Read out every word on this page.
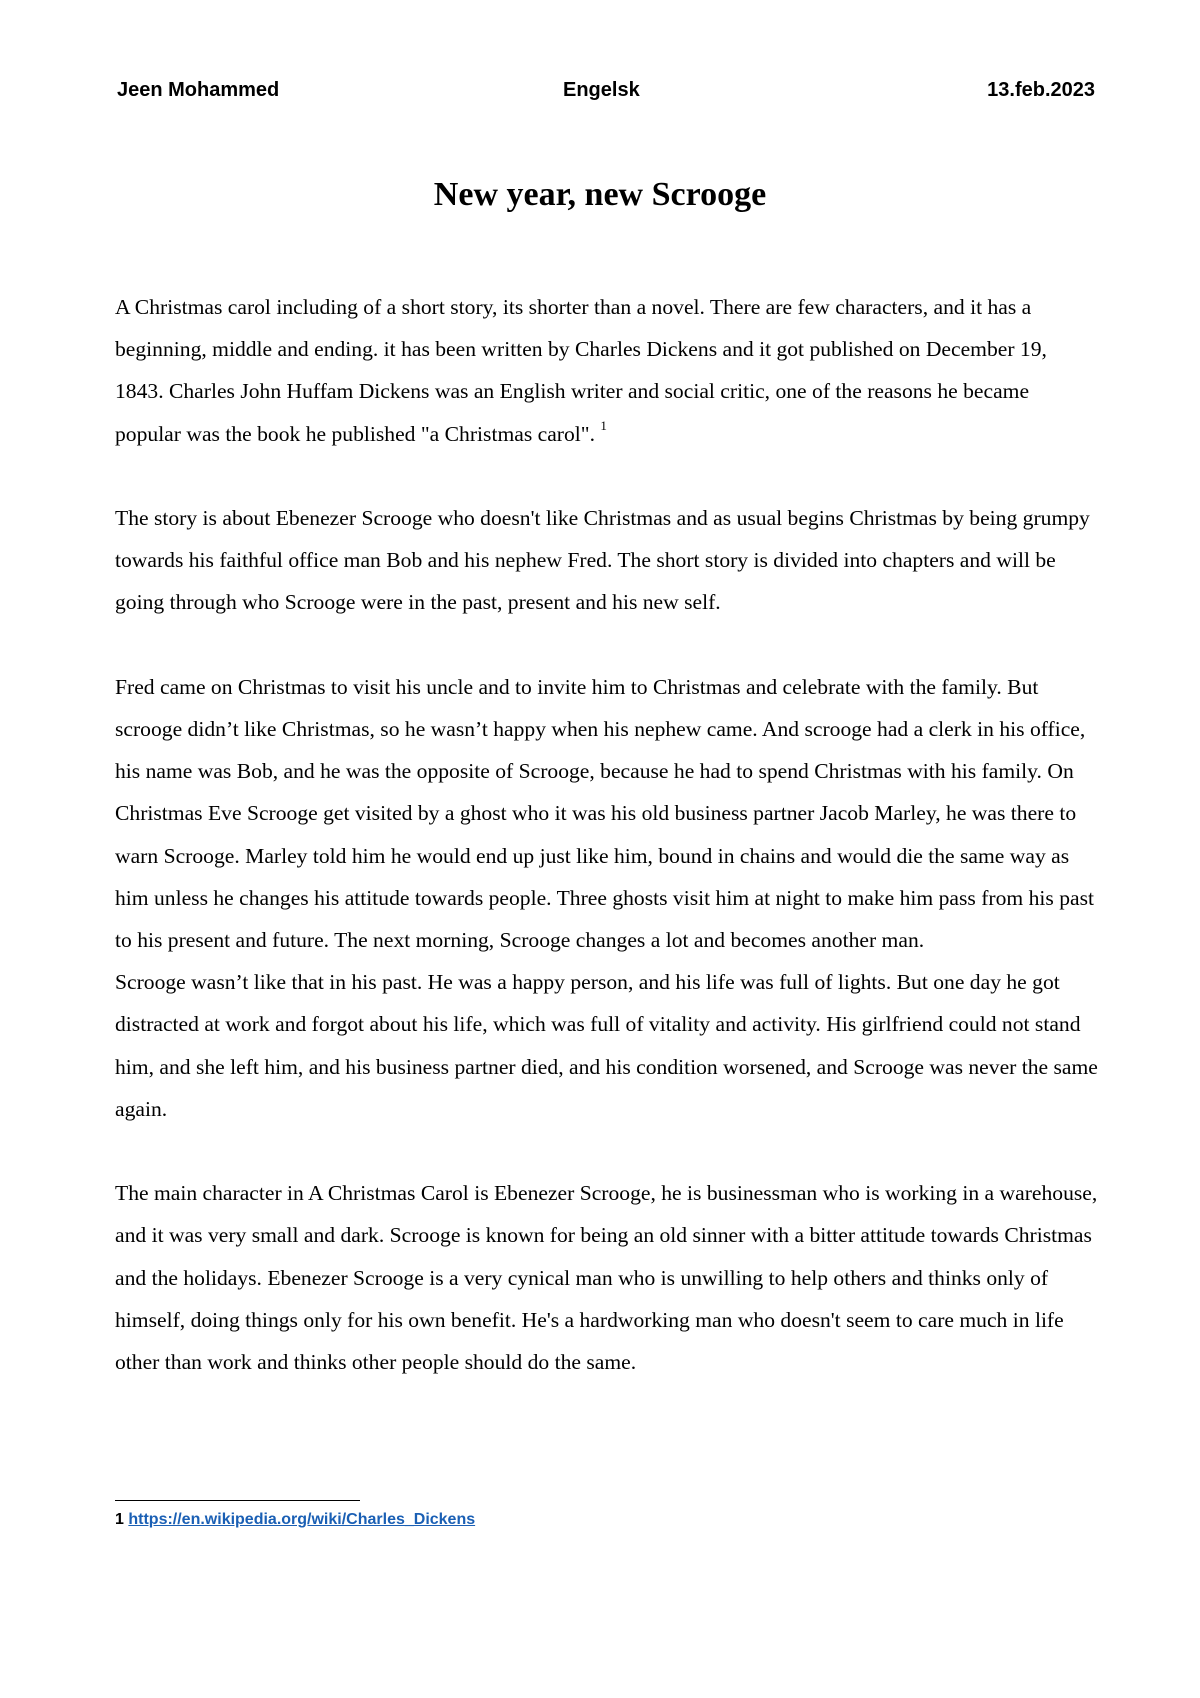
Jeen Mohammed	Engelsk	13.feb.2023
New year, new Scrooge

A Christmas carol including of a short story, its shorter than a novel. There are few characters, and it has a beginning, middle and ending. it has been written by Charles Dickens and it got published on December 19, 1843. Charles John Huffam Dickens was an English writer and social critic, one of the reasons he became popular was the book he published "a Christmas carol". $^1$

The story is about Ebenezer Scrooge who doesn't like Christmas and as usual begins Christmas by being grumpy towards his faithful office man Bob and his nephew Fred. The short story is divided into chapters and will be going through who Scrooge were in the past, present and his new self.

Fred came on Christmas to visit his uncle and to invite him to Christmas and celebrate with the family. But scrooge didn’t like Christmas, so he wasn’t happy when his nephew came. And scrooge had a clerk in his office, his name was Bob, and he was the opposite of Scrooge, because he had to spend Christmas with his family. On Christmas Eve Scrooge get visited by a ghost who it was his old business partner Jacob Marley, he was there to warn Scrooge. Marley told him he would end up just like him, bound in chains and would die the same way as him unless he changes his attitude towards people. Three ghosts visit him at night to make him pass from his past to his present and future. The next morning, Scrooge changes a lot and becomes another man.

Scrooge wasn’t like that in his past. He was a happy person, and his life was full of lights. But one day he got distracted at work and forgot about his life, which was full of vitality and activity. His girlfriend could not stand him, and she left him, and his business partner died, and his condition worsened, and Scrooge was never the same again.

The main character in A Christmas Carol is Ebenezer Scrooge, he is businessman who is working in a warehouse, and it was very small and dark. Scrooge is known for being an old sinner with a bitter attitude towards Christmas and the holidays. Ebenezer Scrooge is a very cynical man who is unwilling to help others and thinks only of himself, doing things only for his own benefit. He's a hardworking man who doesn't seem to care much in life other than work and thinks other people should do the same.

1 https://en.wikipedia.org/wiki/Charles_Dickens
